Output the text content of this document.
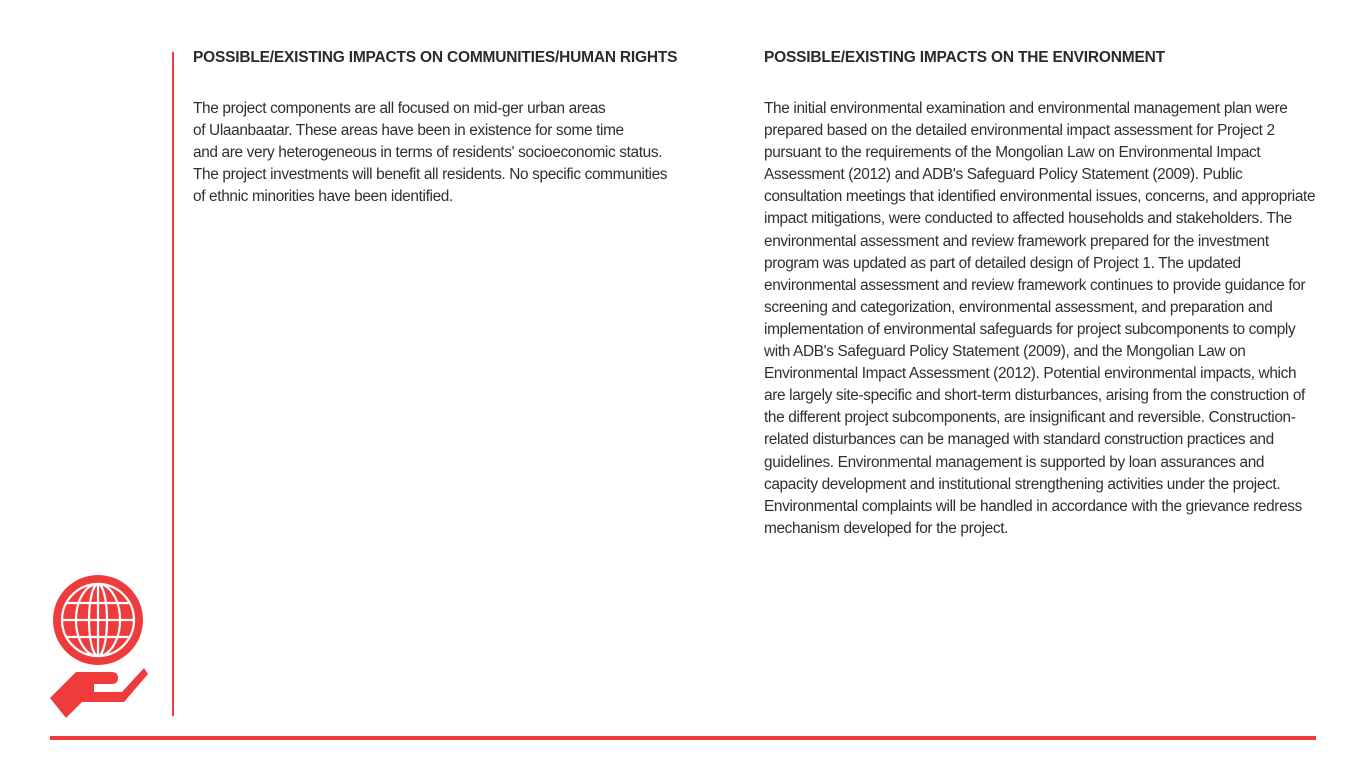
POSSIBLE/EXISTING IMPACTS ON COMMUNITIES/HUMAN RIGHTS

The project components are all focused on mid-ger urban areas
of Ulaanbaatar. These areas have been in existence for some time
and are very heterogeneous in terms of residents' socioeconomic status.
The project investments will benefit all residents. No specific communities
of ethnic minorities have been identified.

POSSIBLE/EXISTING IMPACTS ON THE ENVIRONMENT

The initial environmental examination and environmental management plan were prepared based on the detailed environmental impact assessment for Project 2 pursuant to the requirements of the Mongolian Law on Environmental Impact Assessment (2012) and ADB's Safeguard Policy Statement (2009). Public consultation meetings that identified environmental issues, concerns, and appropriate impact mitigations, were conducted to affected households and stakeholders. The environmental assessment and review framework prepared for the investment program was updated as part of detailed design of Project 1. The updated environmental assessment and review framework continues to provide guidance for screening and categorization, environmental assessment, and preparation and implementation of environmental safeguards for project subcomponents to comply with ADB's Safeguard Policy Statement (2009), and the Mongolian Law on Environmental Impact Assessment (2012). Potential environmental impacts, which are largely site-specific and short-term disturbances, arising from the construction of the different project subcomponents, are insignificant and reversible. Construction-related disturbances can be managed with standard construction practices and guidelines. Environmental management is supported by loan assurances and capacity development and institutional strengthening activities under the project. Environmental complaints will be handled in accordance with the grievance redress mechanism developed for the project.
